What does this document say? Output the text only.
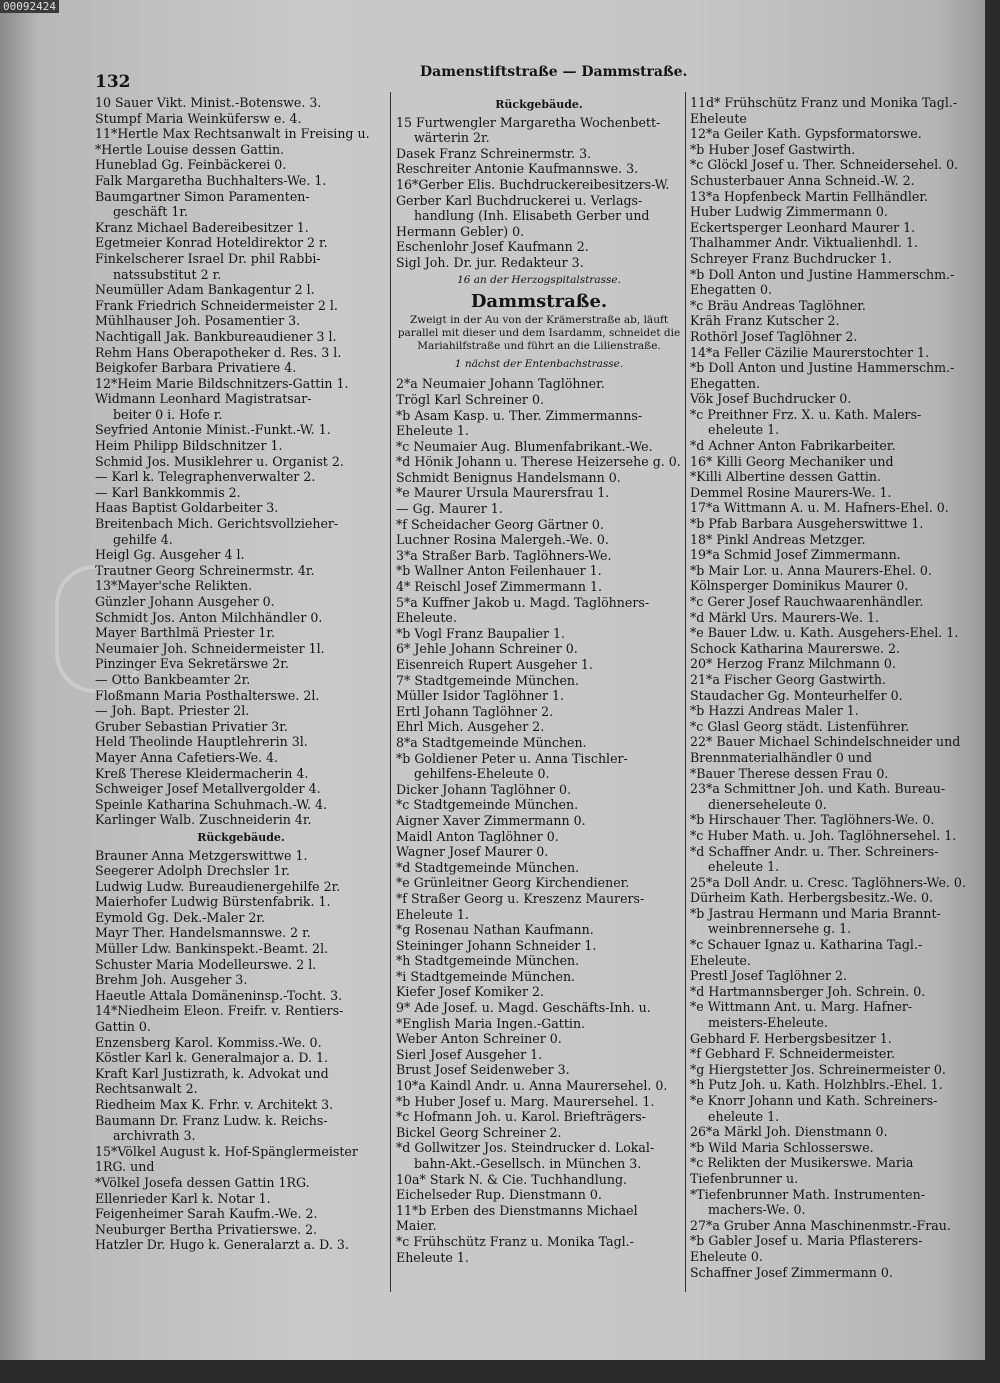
00092424
132	Damenstiftstraße — Dammstraße.
10 Sauer Vikt. Minist.-Botenswe. 3.
Stumpf Maria Weinküfersw e. 4.
11*Hertle Max Rechtsanwalt in Freising u.
*Hertle Louise dessen Gattin.
Huneblad Gg. Feinbäckerei 0.
Falk Margaretha Buchhalters-We. 1.
Baumgartner Simon Paramenten-
geschäft 1r.
Kranz Michael Badereibesitzer 1.
Egetmeier Konrad Hoteldirektor 2 r.
Finkelscherer Israel Dr. phil Rabbi-
natssubstitut 2 r.
Neumüller Adam Bankagentur 2 l.
Frank Friedrich Schneidermeister 2 l.
Mühlhauser Joh. Posamentier 3.
Nachtigall Jak. Bankbureaudiener 3 l.
Rehm Hans Oberapotheker d. Res. 3 l.
Beigkofer Barbara Privatiere 4.
12*Heim Marie Bildschnitzers-Gattin 1.
Widmann Leonhard Magistratsar-
beiter 0 i. Hofe r.
Seyfried Antonie Minist.-Funkt.-W. 1.
Heim Philipp Bildschnitzer 1.
Schmid Jos. Musiklehrer u. Organist 2.
— Karl k. Telegraphenverwalter 2.
— Karl Bankkommis 2.
Haas Baptist Goldarbeiter 3.
Breitenbach Mich. Gerichtsvollzieher-
gehilfe 4.
Heigl Gg. Ausgeher 4 l.
Trautner Georg Schreinermstr. 4r.
13*Mayer'sche Relikten.
Günzler Johann Ausgeher 0.
Schmidt Jos. Anton Milchhändler 0.
Mayer Barthlmä Priester 1r.
Neumaier Joh. Schneidermeister 1l.
Pinzinger Eva Sekretärswe 2r.
— Otto Bankbeamter 2r.
Floßmann Maria Posthalterswe. 2l.
— Joh. Bapt. Priester 2l.
Gruber Sebastian Privatier 3r.
Held Theolinde Hauptlehrerin 3l.
Mayer Anna Cafetiers-We. 4.
Kreß Therese Kleidermacherin 4.
Schweiger Josef Metallvergolder 4.
Speinle Katharina Schuhmach.-W. 4.
Karlinger Walb. Zuschneiderin 4r.
Rückgebäude.
Brauner Anna Metzgerswittwe 1.
Seegerer Adolph Drechsler 1r.
Ludwig Ludw. Bureaudienergehilfe 2r.
Maierhofer Ludwig Bürstenfabrik. 1.
Eymold Gg. Dek.-Maler 2r.
Mayr Ther. Handelsmannswe. 2 r.
Müller Ldw. Bankinspekt.-Beamt. 2l.
Schuster Maria Modelleurswe. 2 l.
Brehm Joh. Ausgeher 3.
Haeutle Attala Domäneninsp.-Tocht. 3.
14*Niedheim Eleon. Freifr. v. Rentiers-
Gattin 0.
Enzensberg Karol. Kommiss.-We. 0.
Köstler Karl k. Generalmajor a. D. 1.
Kraft Karl Justizrath, k. Advokat und
Rechtsanwalt 2.
Riedheim Max K. Frhr. v. Architekt 3.
Baumann Dr. Franz Ludw. k. Reichs-
archivrath 3.
15*Völkel August k. Hof-Spänglermeister
1RG. und
*Völkel Josefa dessen Gattin 1RG.
Ellenrieder Karl k. Notar 1.
Feigenheimer Sarah Kaufm.-We. 2.
Neuburger Bertha Privatierswe. 2.
Hatzler Dr. Hugo k. Generalarzt a. D. 3.
Rückgebäude.
15 Furtwengler Margaretha Wochenbett-
wärterin 2r.
Dasek Franz Schreinermstr. 3.
Reschreiter Antonie Kaufmannswe. 3.
16*Gerber Elis. Buchdruckereibesitzers-W.
Gerber Karl Buchdruckerei u. Verlags-
handlung (Inh. Elisabeth Gerber und
Hermann Gebler) 0.
Eschenlohr Josef Kaufmann 2.
Sigl Joh. Dr. jur. Redakteur 3.
16 an der Herzogspitalstrasse.
Dammstraße.
Zweigt in der Au von der Krämerstraße ab, läuft parallel mit dieser und dem Isardamm, schneidet die Mariahilfstraße und führt an die Lilienstraße.
1 nächst der Entenbachstrasse.
2*a Neumaier Johann Taglöhner.
Trögl Karl Schreiner 0.
*b Asam Kasp. u. Ther. Zimmermanns-
Eheleute 1.
*c Neumaier Aug. Blumenfabrikant.-We.
*d Hönik Johann u. Therese Heizersehe g. 0.
Schmidt Benignus Handelsmann 0.
*e Maurer Ursula Maurersfrau 1.
— Gg. Maurer 1.
*f Scheidacher Georg Gärtner 0.
Luchner Rosina Malergeh.-We. 0.
3*a Straßer Barb. Taglöhners-We.
*b Wallner Anton Feilenhauer 1.
4* Reischl Josef Zimmermann 1.
5*a Kuffner Jakob u. Magd. Taglöhners-
Eheleute.
*b Vogl Franz Baupalier 1.
6* Jehle Johann Schreiner 0.
Eisenreich Rupert Ausgeher 1.
7* Stadtgemeinde München.
Müller Isidor Taglöhner 1.
Ertl Johann Taglöhner 2.
Ehrl Mich. Ausgeher 2.
8*a Stadtgemeinde München.
*b Goldiener Peter u. Anna Tischler-
gehilfens-Eheleute 0.
Dicker Johann Taglöhner 0.
*c Stadtgemeinde München.
Aigner Xaver Zimmermann 0.
Maidl Anton Taglöhner 0.
Wagner Josef Maurer 0.
*d Stadtgemeinde München.
*e Grünleitner Georg Kirchendiener.
*f Straßer Georg u. Kreszenz Maurers-
Eheleute 1.
*g Rosenau Nathan Kaufmann.
Steininger Johann Schneider 1.
*h Stadtgemeinde München.
*i Stadtgemeinde München.
Kiefer Josef Komiker 2.
9* Ade Josef. u. Magd. Geschäfts-Inh. u.
*English Maria Ingen.-Gattin.
Weber Anton Schreiner 0.
Sierl Josef Ausgeher 1.
Brust Josef Seidenweber 3.
10*a Kaindl Andr. u. Anna Maurersehel. 0.
*b Huber Josef u. Marg. Maurersehel. 1.
*c Hofmann Joh. u. Karol. Briefträgers-
Bickel Georg Schreiner 2.
*d Gollwitzer Jos. Steindrucker d. Lokal-
bahn-Akt.-Gesellsch. in München 3.
10a* Stark N. & Cie. Tuchhandlung.
Eichelseder Rup. Dienstmann 0.
11*b Erben des Dienstmanns Michael
Maier.
*c Frühschütz Franz u. Monika Tagl.-
Eheleute 1.
11d* Frühschütz Franz und Monika Tagl.-
Eheleute
12*a Geiler Kath. Gypsformatorswe.
*b Huber Josef Gastwirth.
*c Glöckl Josef u. Ther. Schneidersehel. 0.
Schusterbauer Anna Schneid.-W. 2.
13*a Hopfenbeck Martin Fellhändler.
Huber Ludwig Zimmermann 0.
Eckertsperger Leonhard Maurer 1.
Thalhammer Andr. Viktualienhdl. 1.
Schreyer Franz Buchdrucker 1.
*b Doll Anton und Justine Hammerschm.-
Ehegatten 0.
*c Bräu Andreas Taglöhner.
Kräh Franz Kutscher 2.
Rothörl Josef Taglöhner 2.
14*a Feller Cäzilie Maurerstochter 1.
*b Doll Anton und Justine Hammerschm.-
Ehegatten.
Vök Josef Buchdrucker 0.
*c Preithner Frz. X. u. Kath. Malers-
eheleute 1.
*d Achner Anton Fabrikarbeiter.
16* Killi Georg Mechaniker und
*Killi Albertine dessen Gattin.
Demmel Rosine Maurers-We. 1.
17*a Wittmann A. u. M. Hafners-Ehel. 0.
*b Pfab Barbara Ausgeherswittwe 1.
18* Pinkl Andreas Metzger.
19*a Schmid Josef Zimmermann.
*b Mair Lor. u. Anna Maurers-Ehel. 0.
Kölnsperger Dominikus Maurer 0.
*c Gerer Josef Rauchwaarenhändler.
*d Märkl Urs. Maurers-We. 1.
*e Bauer Ldw. u. Kath. Ausgehers-Ehel. 1.
Schock Katharina Maurerswe. 2.
20* Herzog Franz Milchmann 0.
21*a Fischer Georg Gastwirth.
Staudacher Gg. Monteurhelfer 0.
*b Hazzi Andreas Maler 1.
*c Glasl Georg städt. Listenführer.
22* Bauer Michael Schindelschneider und
Brennmaterialhändler 0 und
*Bauer Therese dessen Frau 0.
23*a Schmittner Joh. und Kath. Bureau-
dienerseheleute 0.
*b Hirschauer Ther. Taglöhners-We. 0.
*c Huber Math. u. Joh. Taglöhnersehel. 1.
*d Schaffner Andr. u. Ther. Schreiners-
eheleute 1.
25*a Doll Andr. u. Cresc. Taglöhners-We. 0.
Dürheim Kath. Herbergsbesitz.-We. 0.
*b Jastrau Hermann und Maria Brannt-
weinbrennersehe g. 1.
*c Schauer Ignaz u. Katharina Tagl.-
Eheleute.
Prestl Josef Taglöhner 2.
*d Hartmannsberger Joh. Schrein. 0.
*e Wittmann Ant. u. Marg. Hafner-
meisters-Eheleute.
Gebhard F. Herbergsbesitzer 1.
*f Gebhard F. Schneidermeister.
*g Hiergstetter Jos. Schreinermeister 0.
*h Putz Joh. u. Kath. Holzhblrs.-Ehel. 1.
*e Knorr Johann und Kath. Schreiners-
eheleute 1.
26*a Märkl Joh. Dienstmann 0.
*b Wild Maria Schlosserswe.
*c Relikten der Musikerswe. Maria
Tiefenbrunner u.
*Tiefenbrunner Math. Instrumenten-
machers-We. 0.
27*a Gruber Anna Maschinenmstr.-Frau.
*b Gabler Josef u. Maria Pflasterers-
Eheleute 0.
Schaffner Josef Zimmermann 0.
